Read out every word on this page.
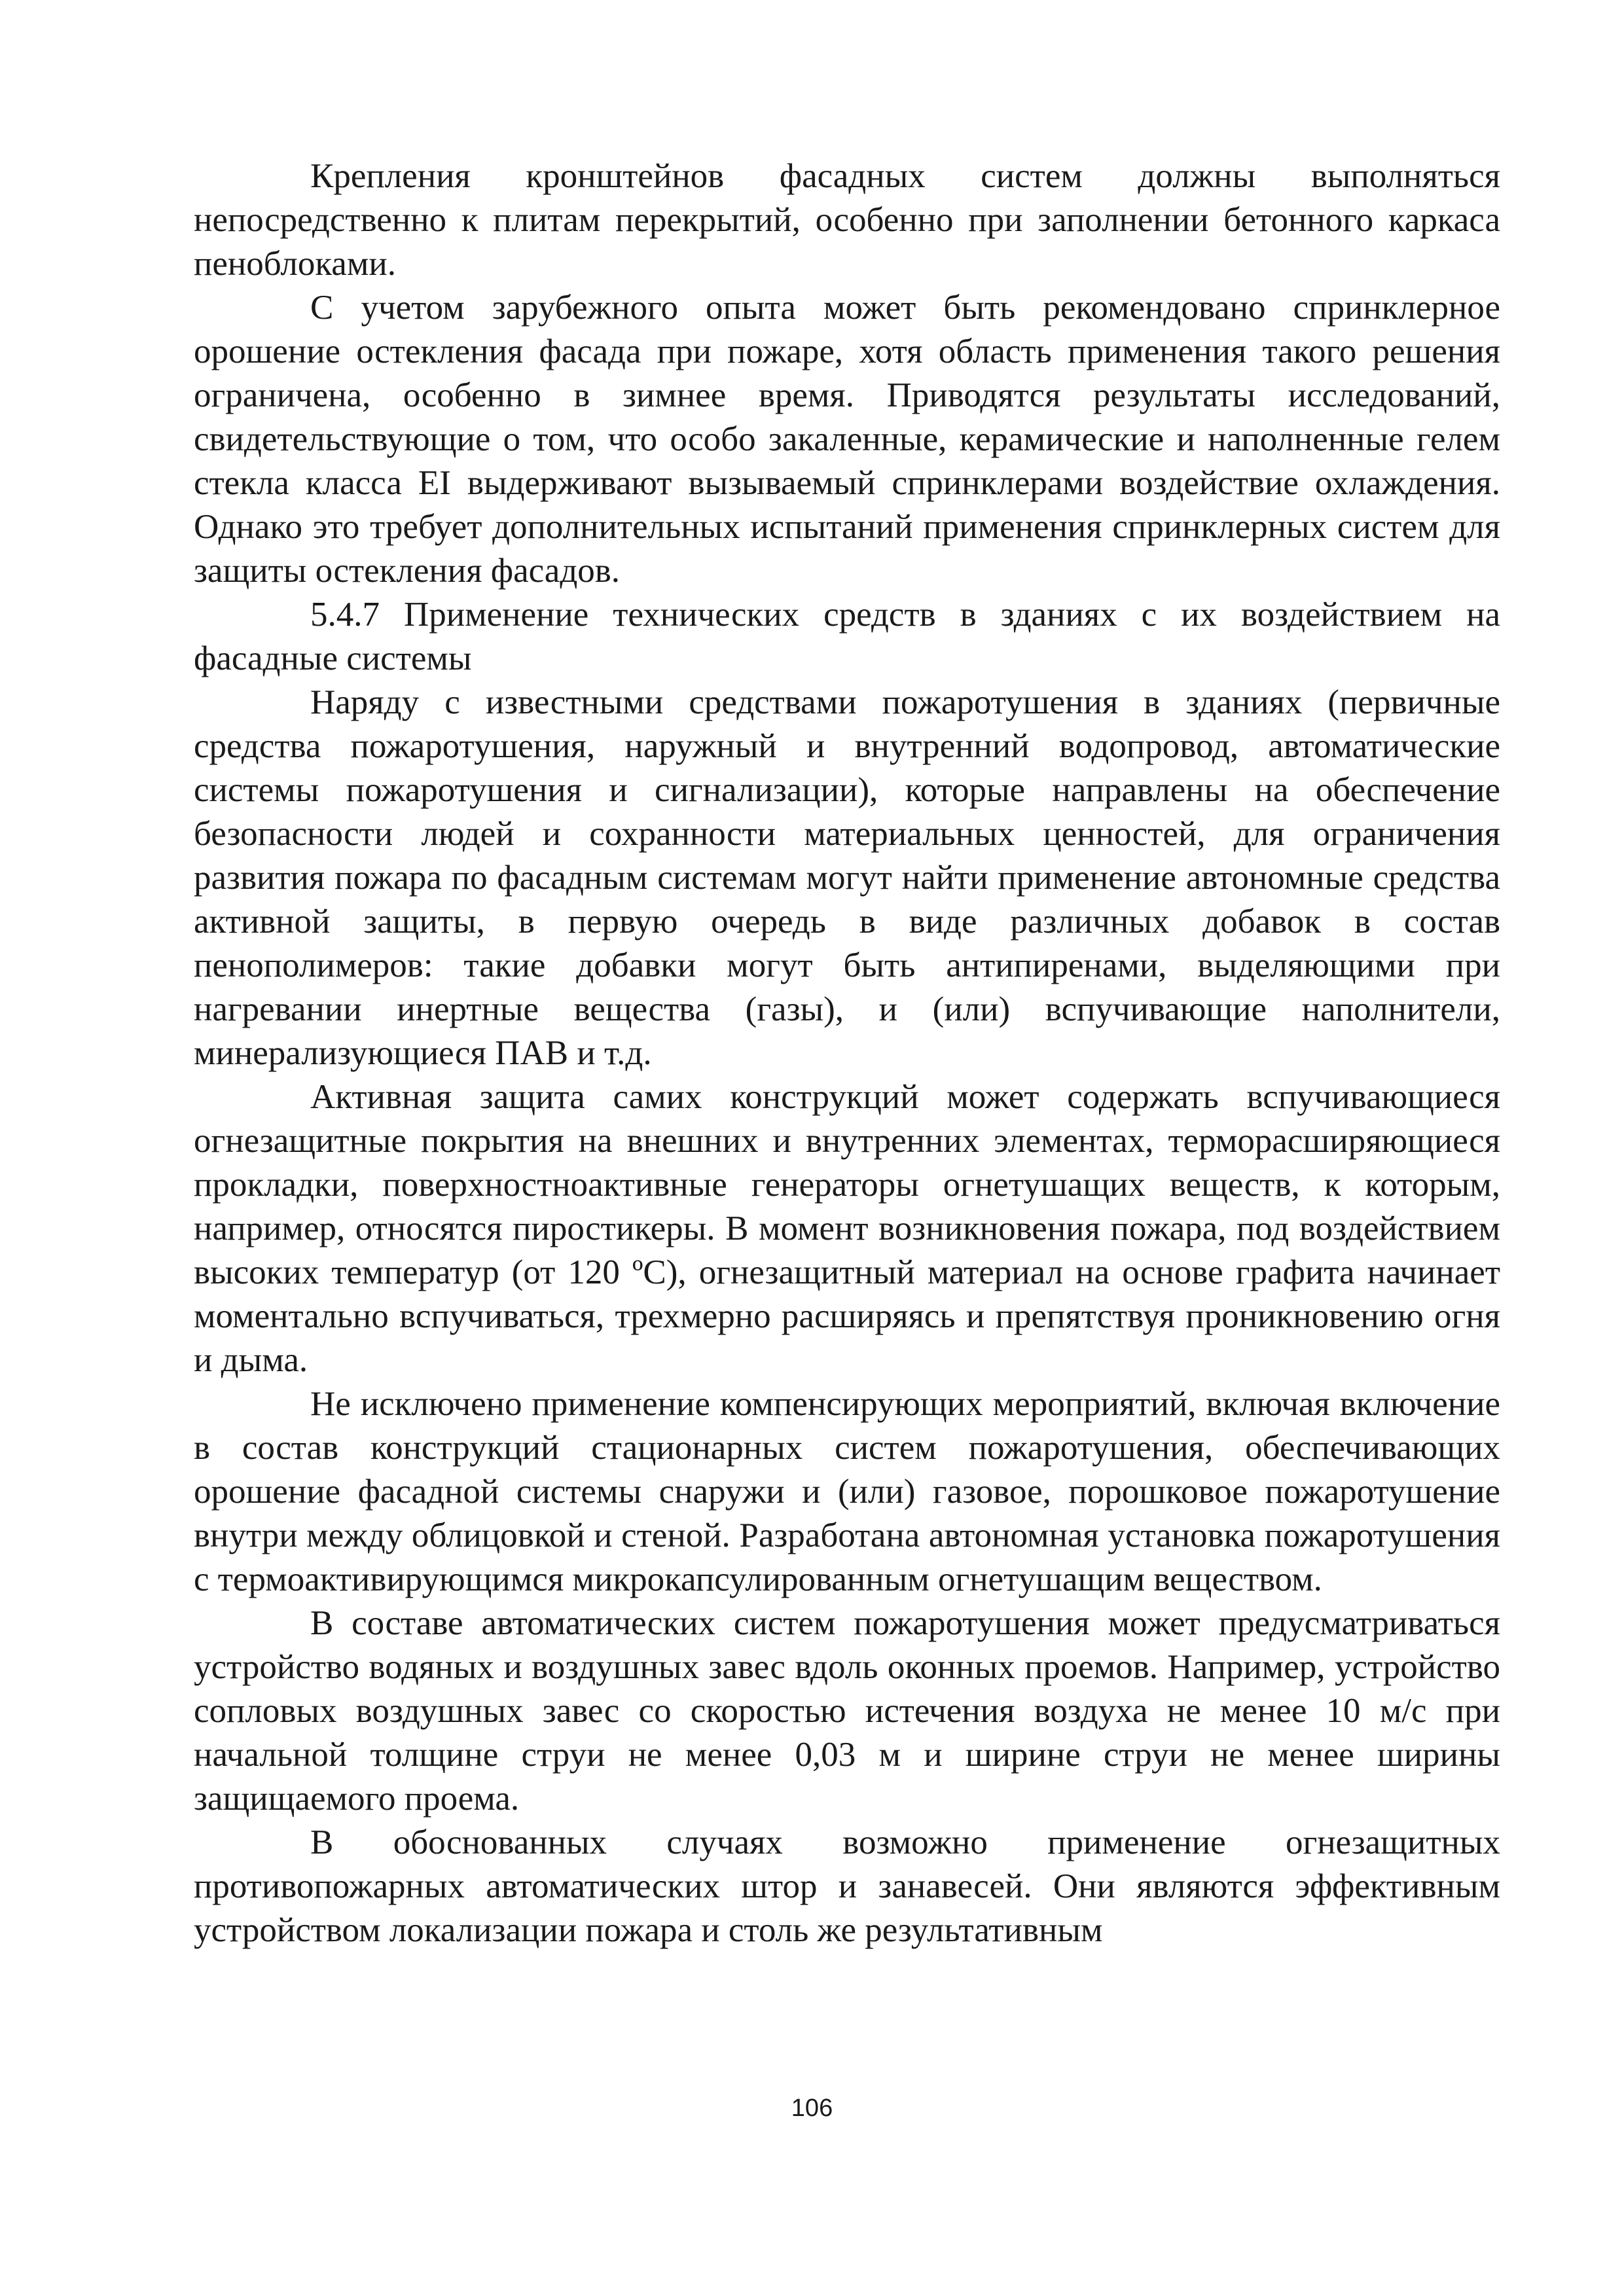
Крепления кронштейнов фасадных систем должны выполняться непосредственно к плитам перекрытий, особенно при заполнении бетонного каркаса пеноблоками.

С учетом зарубежного опыта может быть рекомендовано спринклерное орошение остекления фасада при пожаре, хотя область применения такого решения ограничена, особенно в зимнее время. Приводятся результаты исследований, свидетельствующие о том, что особо закаленные, керамические и наполненные гелем стекла класса EI выдерживают вызываемый спринклерами воздействие охлаждения. Однако это требует дополнительных испытаний применения спринклерных систем для защиты остекления фасадов.

5.4.7 Применение технических средств в зданиях с их воздействием на фасадные системы

Наряду с известными средствами пожаротушения в зданиях (первичные средства пожаротушения, наружный и внутренний водопровод, автоматические системы пожаротушения и сигнализации), которые направлены на обеспечение безопасности людей и сохранности материальных ценностей, для ограничения развития пожара по фасадным системам могут найти применение автономные средства активной защиты, в первую очередь в виде различных добавок в состав пенополимеров: такие добавки могут быть антипиренами, выделяющими при нагревании инертные вещества (газы), и (или) вспучивающие наполнители, минерализующиеся ПАВ и т.д.

Активная защита самих конструкций может содержать вспучивающиеся огнезащитные покрытия на внешних и внутренних элементах, терморасширяющиеся прокладки, поверхностноактивные генераторы огнетушащих веществ, к которым, например, относятся пиростикеры. В момент возникновения пожара, под воздействием высоких температур (от 120 ºС), огнезащитный материал на основе графита начинает моментально вспучиваться, трехмерно расширяясь и препятствуя проникновению огня и дыма.

Не исключено применение компенсирующих мероприятий, включая включение в состав конструкций стационарных систем пожаротушения, обеспечивающих орошение фасадной системы снаружи и (или) газовое, порошковое пожаротушение внутри между облицовкой и стеной. Разработана автономная установка пожаротушения с термоактивирующимся микрокапсулированным огнетушащим веществом.

В составе автоматических систем пожаротушения может предусматриваться устройство водяных и воздушных завес вдоль оконных проемов. Например, устройство сопловых воздушных завес со скоростью истечения воздуха не менее 10 м/с при начальной толщине струи не менее 0,03 м и ширине струи не менее ширины защищаемого проема.

В обоснованных случаях возможно применение огнезащитных противопожарных автоматических штор и занавесей. Они являются эффективным устройством локализации пожара и столь же результативным

106
